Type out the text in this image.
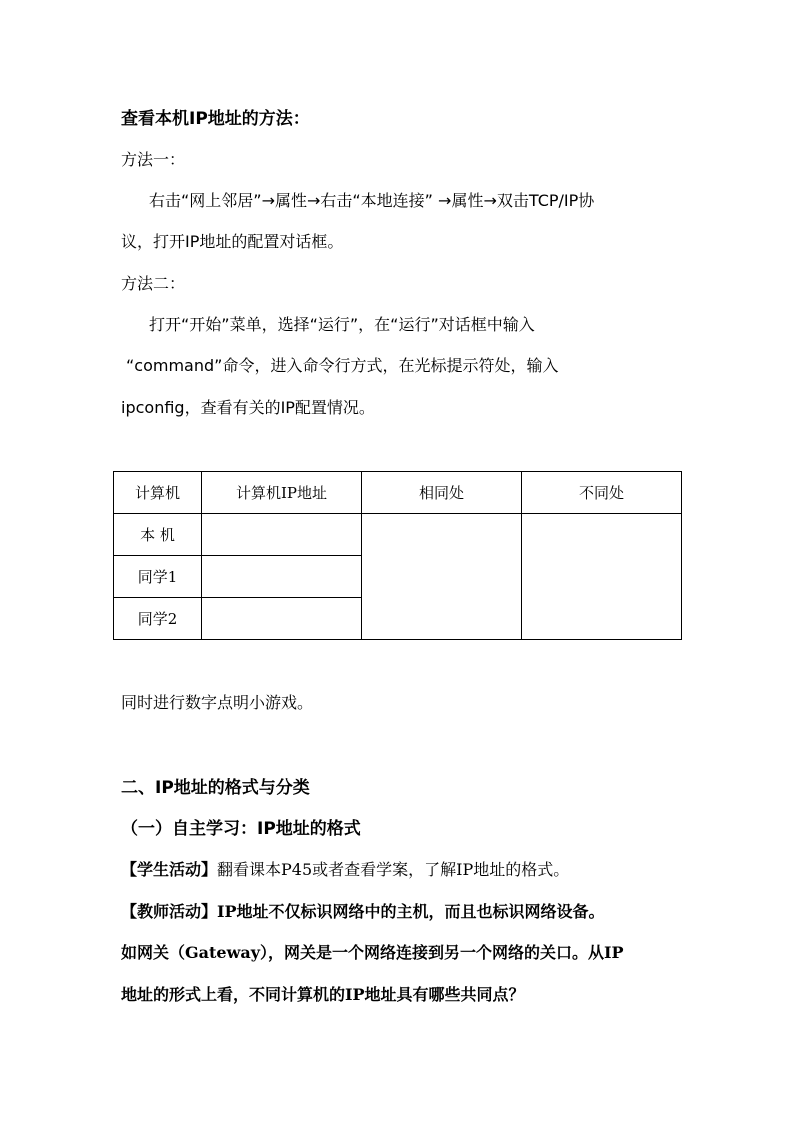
查看本机IP地址的方法：
方法一：
右击“网上邻居”→属性→右击“本地连接” →属性→双击TCP/IP协
议，打开IP地址的配置对话框。
方法二：
打开“开始”菜单，选择“运行”，在“运行”对话框中输入
“command”命令，进入命令行方式，在光标提示符处，输入
ipconfig，查看有关的IP配置情况。
计算机	计算机IP地址	相同处	不同处
本 机			
同学1			
同学2			
同时进行数字点明小游戏。
二、IP地址的格式与分类
（一）自主学习：IP地址的格式
【学生活动】翻看课本P45或者查看学案，了解IP地址的格式。
【教师活动】IP地址不仅标识网络中的主机，而且也标识网络设备。
如网关（Gateway），网关是一个网络连接到另一个网络的关口。从IP
地址的形式上看，不同计算机的IP地址具有哪些共同点？
